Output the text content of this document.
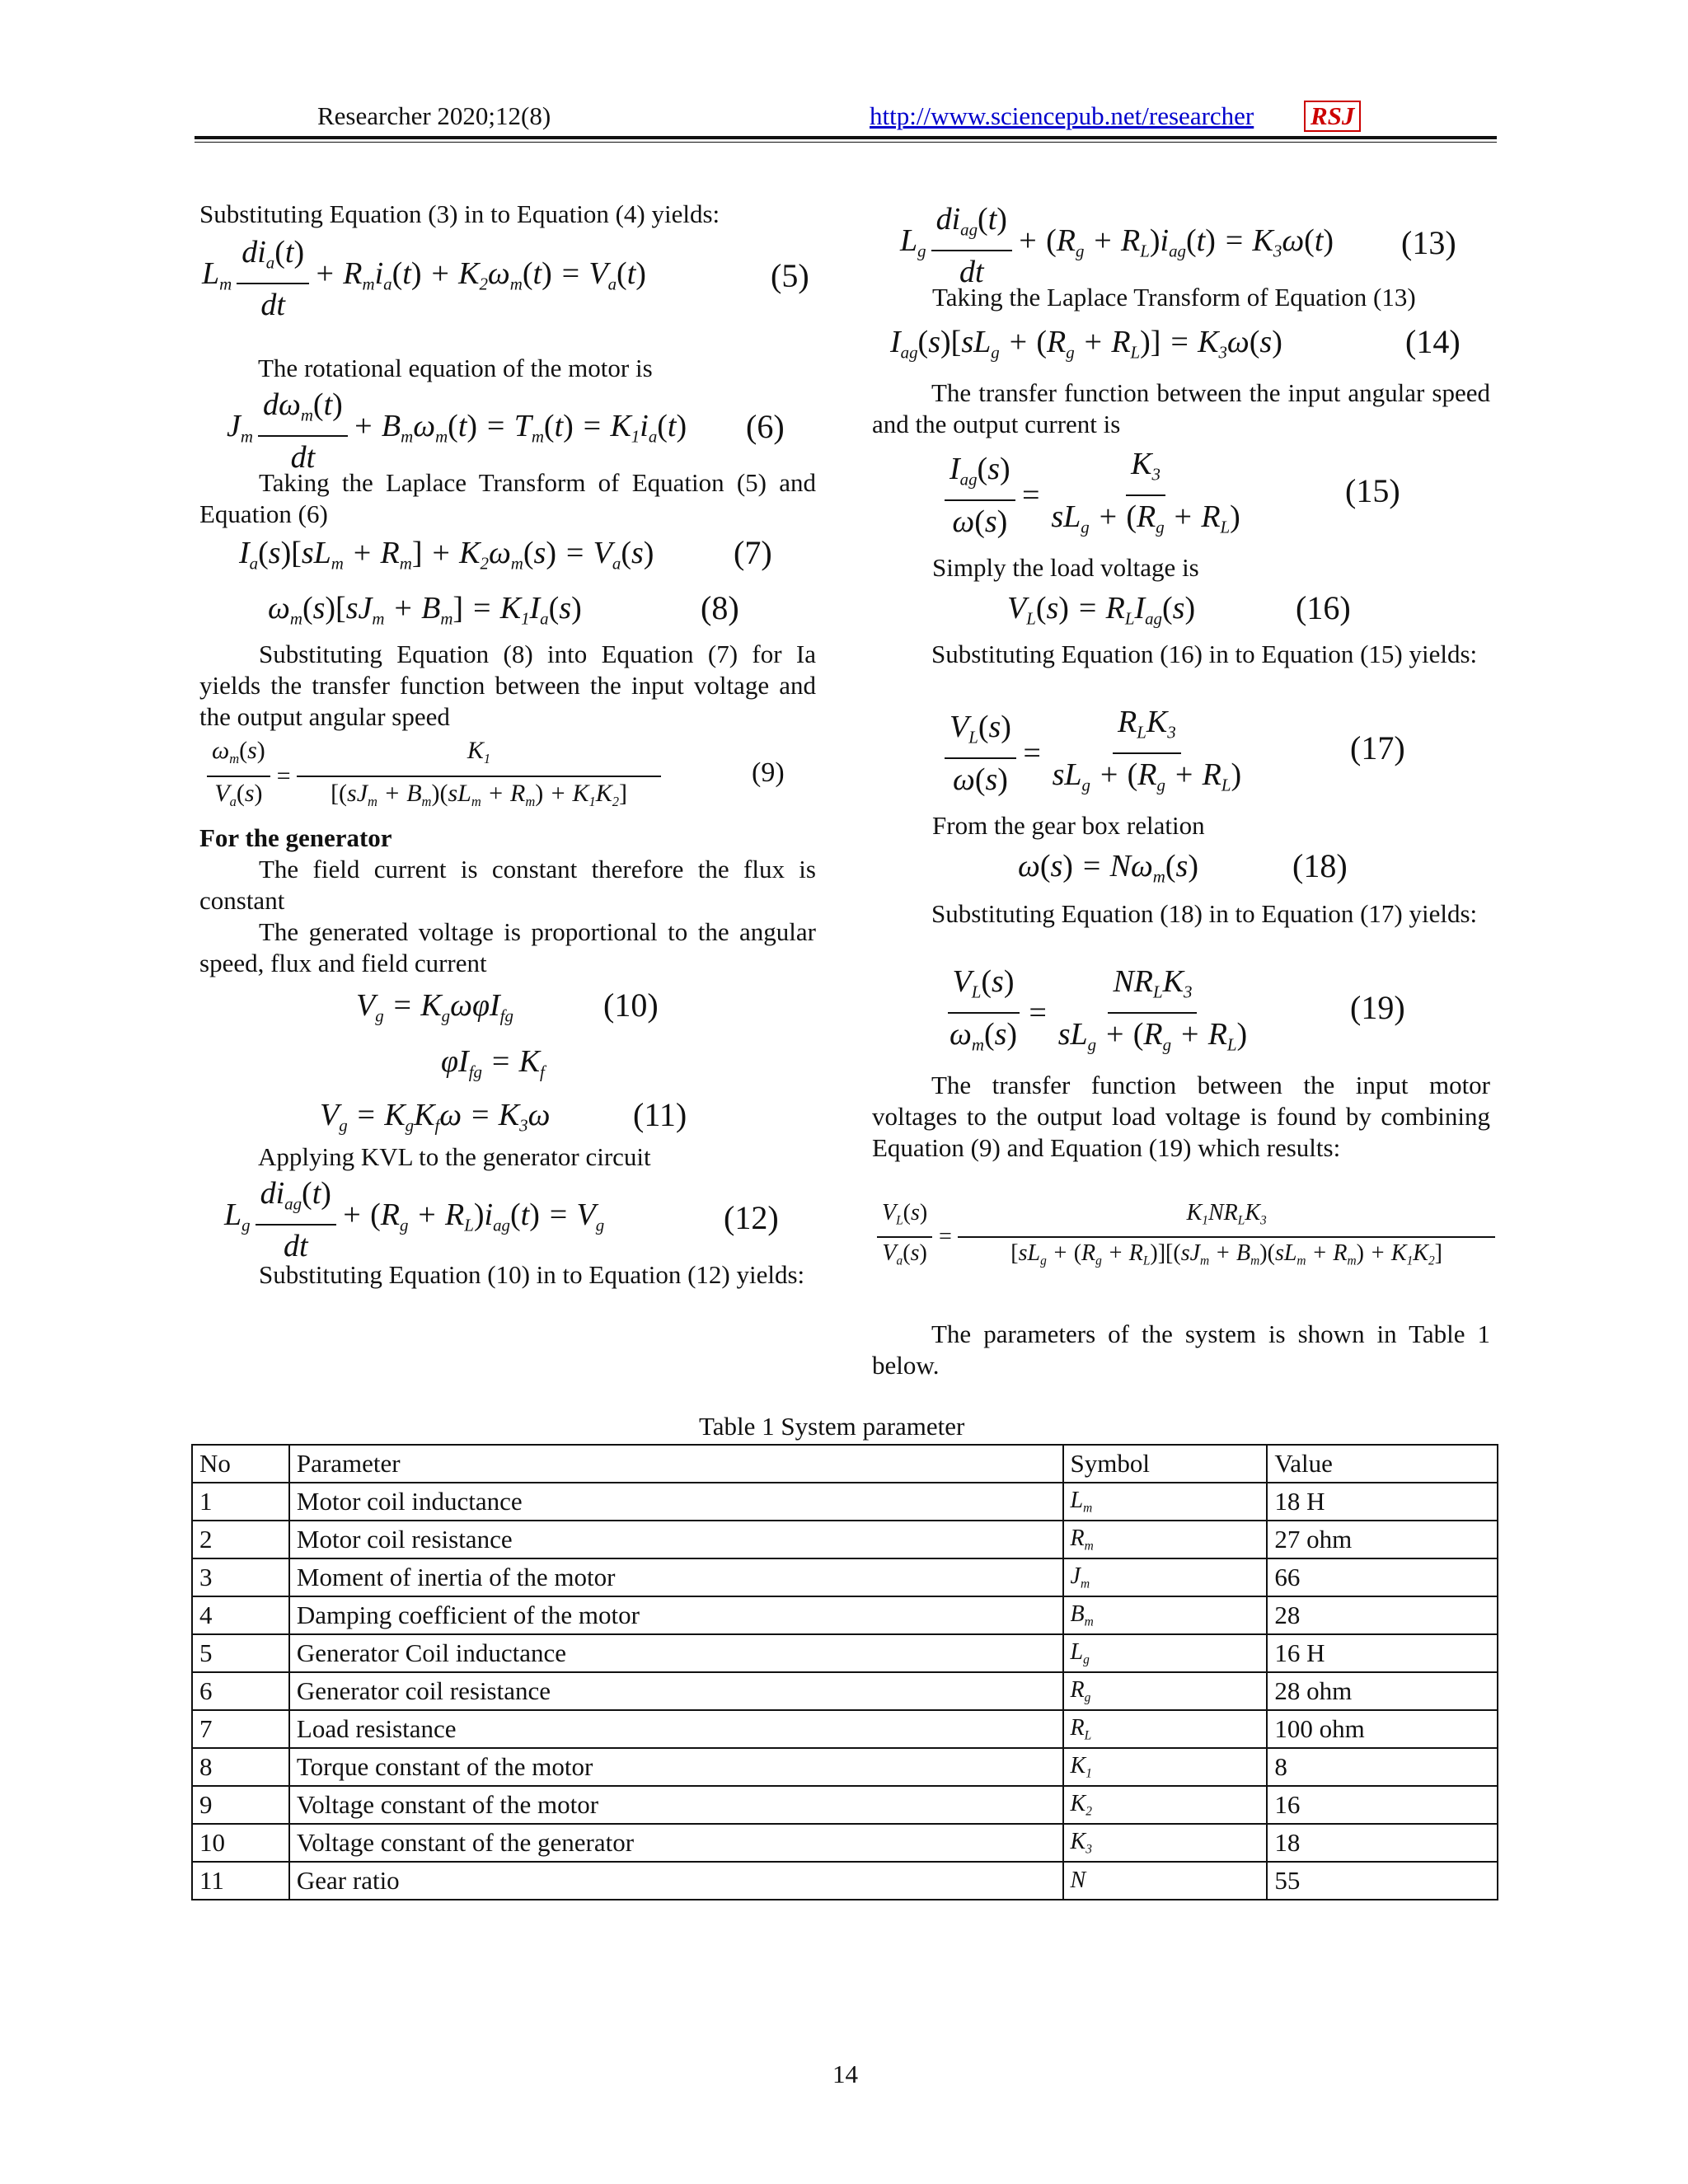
Researcher 2020;12(8)	http://www.sciencepub.net/researcher RSJ
Substituting Equation (3) in to Equation (4) yields:
$L_m \frac{di_a(t)}{dt} + R_mi_a(t) + K_2\omega_m(t) = V_a(t)$	(5)
The rotational equation of the motor is
$J_m \frac{d\omega_m(t)}{dt} + B_m\omega_m(t) = T_m(t) = K_1i_a(t)$ (6)
Taking the Laplace Transform of Equation (5) and Equation (6)
$I_a(s)[sL_m + R_m] + K_2\omega_m(s) = V_a(s)$ (7)
$\omega_m(s)[sJ_m + B_m] = K_1I_a(s)$	(8)
Substituting Equation (8) into Equation (7) for Ia yields the transfer function between the input voltage and the output angular speed
$\frac{\omega_m(s)}{V_a(s)} = \frac{K_1}{[(sJ_m + B_m)(sL_m + R_m) + K_1K_2]}$	(9)
For the generator
The field current is constant therefore the flux is constant
The generated voltage is proportional to the angular speed, flux and field current
$V_g = K_g\omega\varphi I_{fg}$	(10)
$\varphi I_{fg} = K_f$
$V_g = K_gK_f\omega = K_3\omega$	(11)
Applying KVL to the generator circuit
$L_g \frac{di_{ag}(t)}{dt} + (R_g + R_L)i_{ag}(t) = V_g$	(12)
Substituting Equation (10) in to Equation (12) yields:
$L_g \frac{di_{ag}(t)}{dt} + (R_g + R_L)i_{ag}(t) = K_3\omega(t)$ (13)
Taking the Laplace Transform of Equation (13)
$I_{ag}(s)[sL_g + (R_g + R_L)] = K_3\omega(s)$	(14)
The transfer function between the input angular speed and the output current is
$\frac{I_{ag}(s)}{\omega(s)} = \frac{K_3}{sL_g + (R_g + R_L)}$	(15)
Simply the load voltage is
$V_L(s) = R_LI_{ag}(s)$	(16)
Substituting Equation (16) in to Equation (15) yields:
$\frac{V_L(s)}{\omega(s)} = \frac{R_LK_3}{sL_g + (R_g + R_L)}$	(17)
From the gear box relation
$\omega(s) = N\omega_m(s)$	(18)
Substituting Equation (18) in to Equation (17) yields:
$\frac{V_L(s)}{\omega_m(s)} = \frac{NR_LK_3}{sL_g + (R_g + R_L)}$	(19)
The transfer function between the input motor voltages to the output load voltage is found by combining Equation (9) and Equation (19) which results:
$\frac{V_L(s)}{V_a(s)} = \frac{K_1NR_LK_3}{[sL_g + (R_g + R_L)][(sJ_m + B_m)(sL_m + R_m) + K_1K_2]}$
The parameters of the system is shown in Table 1 below.
Table 1 System parameter
No	Parameter	Symbol	Value
1	Motor coil inductance	$L_m$	18 H
2	Motor coil resistance	$R_m$	27 ohm
3	Moment of inertia of the motor	$J_m$	66
4	Damping coefficient of the motor	$B_m$	28
5	Generator Coil inductance	$L_g$	16 H
6	Generator coil resistance	$R_g$	28 ohm
7	Load resistance	$R_L$	100 ohm
8	Torque constant of the motor	$K_1$	8
9	Voltage constant of the motor	$K_2$	16
10	Voltage constant of the generator	$K_3$	18
11	Gear ratio	N	55
14
